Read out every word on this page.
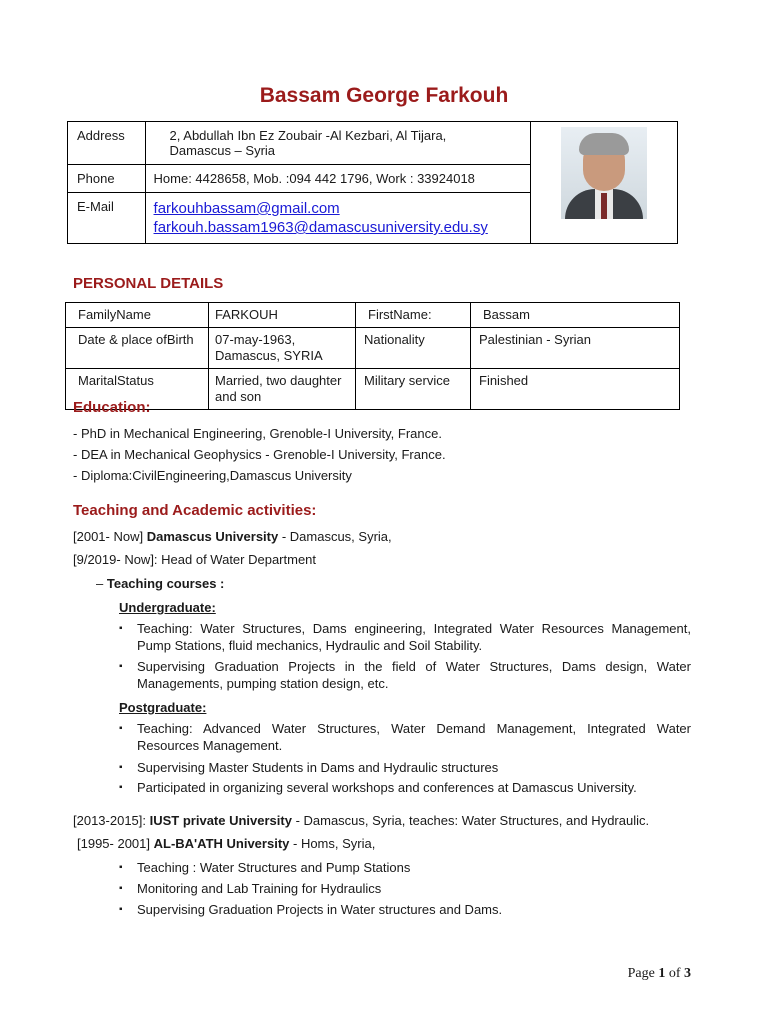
Bassam George Farkouh
Address	2, Abdullah Ibn Ez Zoubair -Al Kezbari, Al Tijara,
Damascus – Syria	

Phone	Home: 4428658, Mob. :094 442 1796, Work : 33924018	
E-Mail	farkouhbassam@gmail.com
farkouh.bassam1963@damascusuniversity.edu.sy	
PERSONAL DETAILS
FamilyName	FARKOUH	FirstName:	Bassam
Date & place ofBirth	07-may-1963, Damascus, SYRIA	Nationality	Palestinian - Syrian
MaritalStatus	Married, two daughter and son	Military service	Finished
Education:
- PhD in Mechanical Engineering, Grenoble-I University, France.
- DEA in Mechanical Geophysics - Grenoble-I University, France.
- Diploma:CivilEngineering,Damascus University
Teaching and Academic activities:
[2001- Now] Damascus University - Damascus, Syria,
[9/2019- Now]: Head of Water Department
– Teaching courses :
Undergraduate:
▪ Teaching: Water Structures, Dams engineering, Integrated Water Resources Management, Pump Stations, fluid mechanics, Hydraulic and Soil Stability.
▪ Supervising Graduation Projects in the field of Water Structures, Dams design, Water Managements, pumping station design, etc.
Postgraduate:
▪ Teaching: Advanced Water Structures, Water Demand Management, Integrated Water Resources Management.
▪ Supervising Master Students in Dams and Hydraulic structures
▪ Participated in organizing several workshops and conferences at Damascus University.
[2013-2015]: IUST private University - Damascus, Syria, teaches: Water Structures, and Hydraulic.
[1995- 2001] AL-BA'ATH University - Homs, Syria,
▪ Teaching : Water Structures and Pump Stations
▪ Monitoring and Lab Training for Hydraulics
▪ Supervising Graduation Projects in Water structures and Dams.
Page 1 of 3
